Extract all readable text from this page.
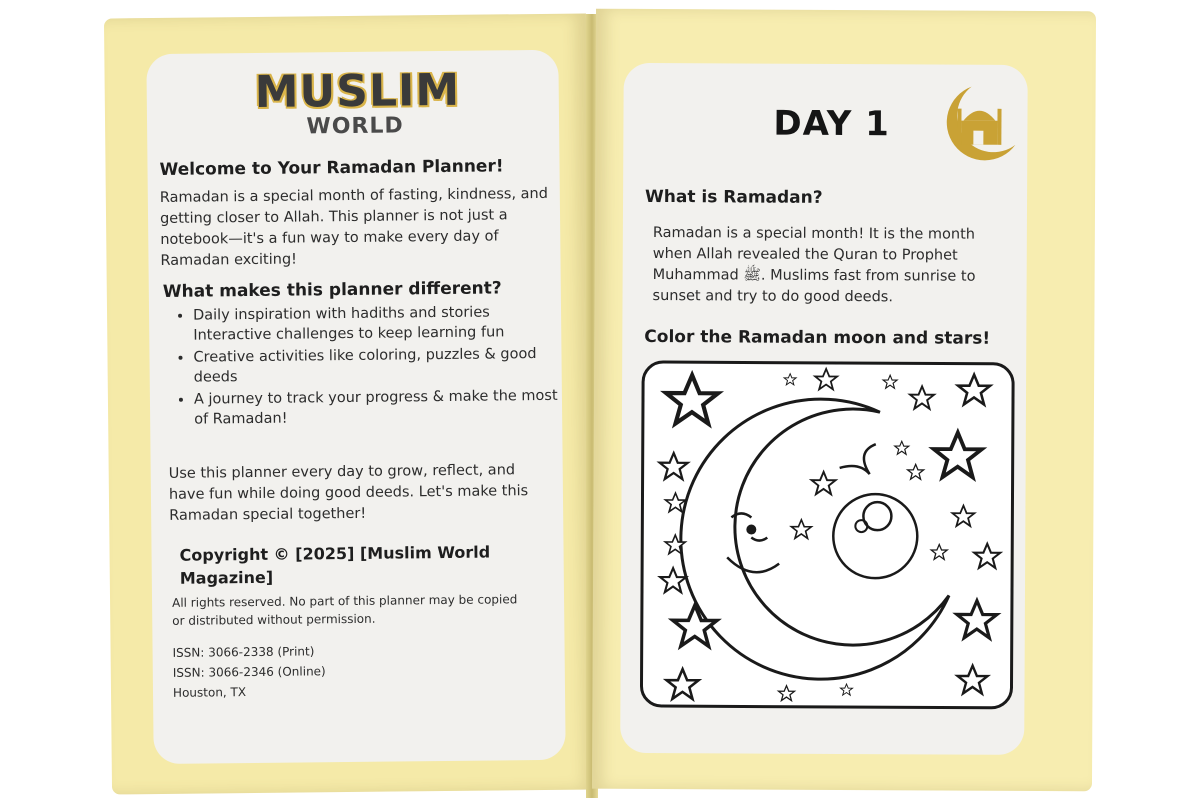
MUSLIM
WORLD
Welcome to Your Ramadan Planner!
Ramadan is a special month of fasting, kindness, and getting closer to Allah. This planner is not just a notebook—it's a fun way to make every day of Ramadan exciting!
What makes this planner different?
• Daily inspiration with hadiths and stories Interactive challenges to keep learning fun
• Creative activities like coloring, puzzles & good deeds
• A journey to track your progress & make the most of Ramadan!
Use this planner every day to grow, reflect, and have fun while doing good deeds. Let's make this Ramadan special together!
Copyright © [2025] [Muslim World Magazine]
All rights reserved. No part of this planner may be copied or distributed without permission.
ISSN: 3066-2338 (Print)
ISSN: 3066-2346 (Online)
Houston, TX
DAY 1
What is Ramadan?
Ramadan is a special month! It is the month when Allah revealed the Quran to Prophet Muhammad ﷺ. Muslims fast from sunrise to sunset and try to do good deeds.
Color the Ramadan moon and stars!
